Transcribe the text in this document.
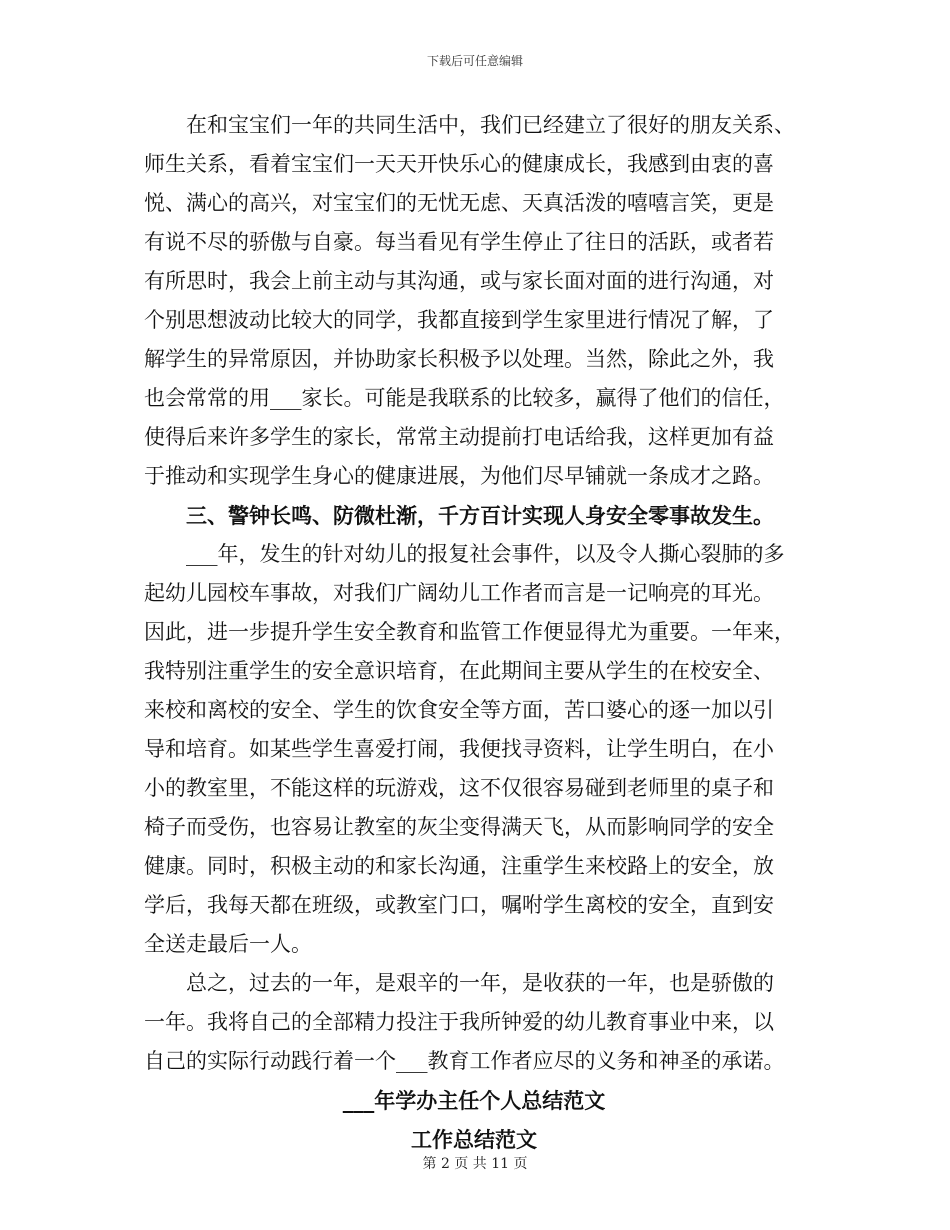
下载后可任意编辑
　　在和宝宝们一年的共同生活中，我们已经建立了很好的朋友关系、
师生关系，看着宝宝们一天天开快乐心的健康成长，我感到由衷的喜
悦、满心的高兴，对宝宝们的无忧无虑、天真活泼的嘻嘻言笑，更是
有说不尽的骄傲与自豪。每当看见有学生停止了往日的活跃，或者若
有所思时，我会上前主动与其沟通，或与家长面对面的进行沟通，对
个别思想波动比较大的同学，我都直接到学生家里进行情况了解，了
解学生的异常原因，并协助家长积极予以处理。当然，除此之外，我
也会常常的用___家长。可能是我联系的比较多，赢得了他们的信任，
使得后来许多学生的家长，常常主动提前打电话给我，这样更加有益
于推动和实现学生身心的健康进展，为他们尽早铺就一条成才之路。
　　三、警钟长鸣、防微杜渐，千方百计实现人身安全零事故发生。
　　___年，发生的针对幼儿的报复社会事件，以及令人撕心裂肺的多
起幼儿园校车事故，对我们广阔幼儿工作者而言是一记响亮的耳光。
因此，进一步提升学生安全教育和监管工作便显得尤为重要。一年来，
我特别注重学生的安全意识培育，在此期间主要从学生的在校安全、
来校和离校的安全、学生的饮食安全等方面，苦口婆心的逐一加以引
导和培育。如某些学生喜爱打闹，我便找寻资料，让学生明白，在小
小的教室里，不能这样的玩游戏，这不仅很容易碰到老师里的桌子和
椅子而受伤，也容易让教室的灰尘变得满天飞，从而影响同学的安全
健康。同时，积极主动的和家长沟通，注重学生来校路上的安全，放
学后，我每天都在班级，或教室门口，嘱咐学生离校的安全，直到安
全送走最后一人。
　　总之，过去的一年，是艰辛的一年，是收获的一年，也是骄傲的
一年。我将自己的全部精力投注于我所钟爱的幼儿教育事业中来，以
自己的实际行动践行着一个___教育工作者应尽的义务和神圣的承诺。
___年学办主任个人总结范文
工作总结范文
第 2 页 共 11 页
